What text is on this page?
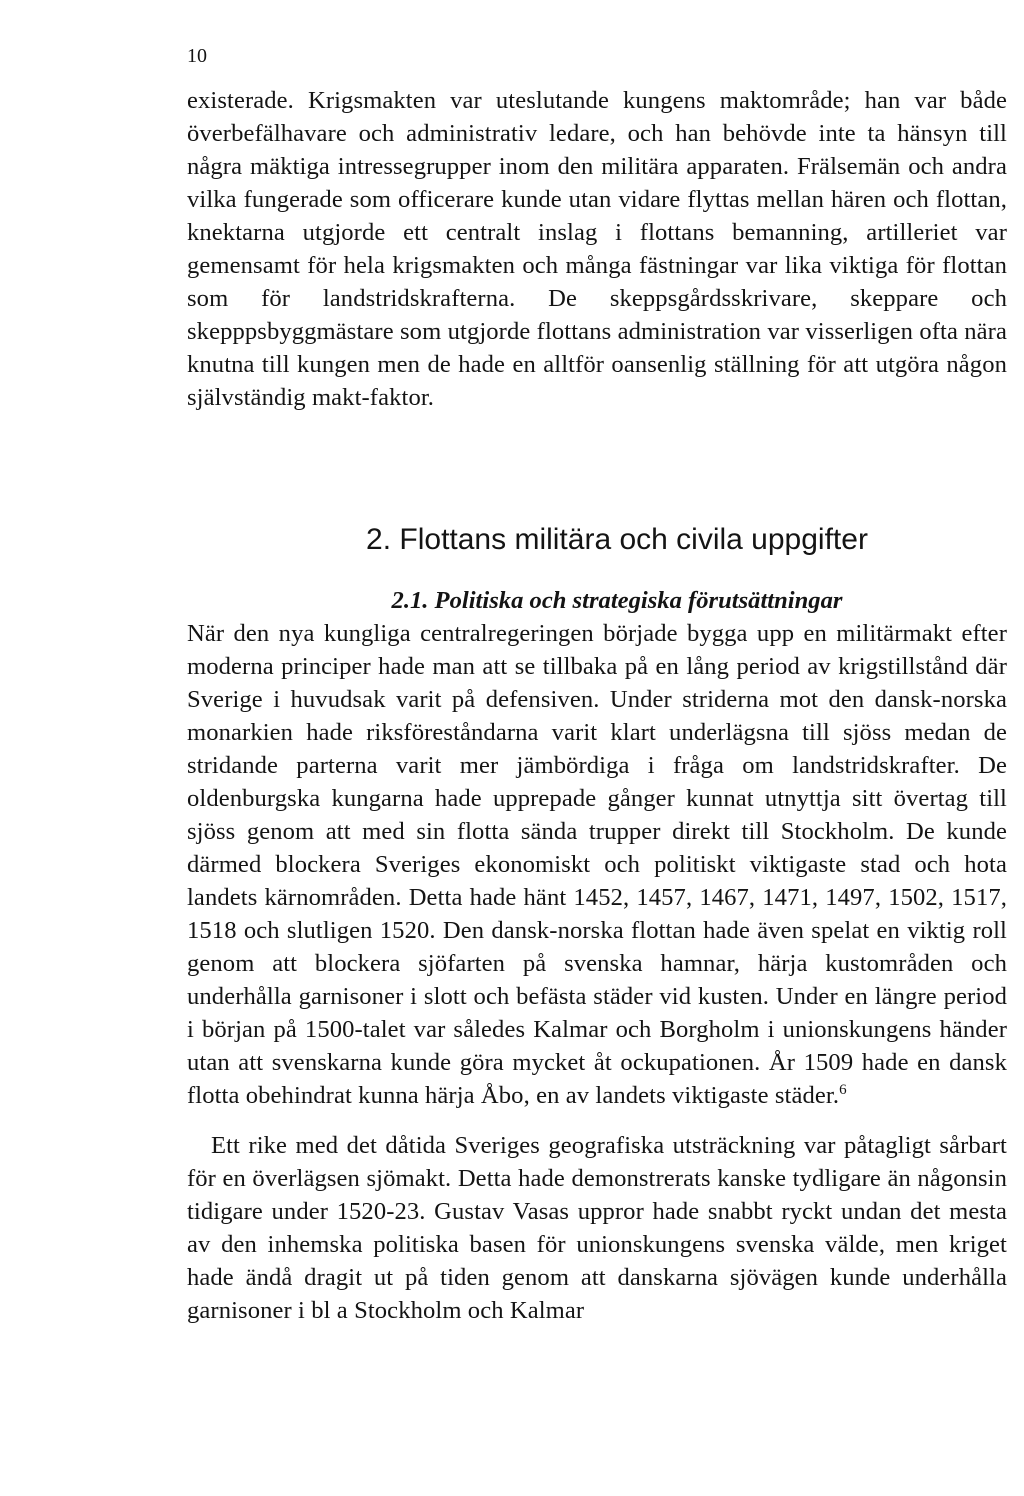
10

existerade. Krigsmakten var uteslutande kungens maktområde; han var både överbefälhavare och administrativ ledare, och han behövde inte ta hänsyn till några mäktiga intressegrupper inom den militära apparaten. Frälsemän och andra vilka fungerade som officerare kunde utan vidare flyttas mellan hären och flottan, knektarna utgjorde ett centralt inslag i flottans bemanning, artilleriet var gemensamt för hela krigsmakten och många fästningar var lika viktiga för flottan som för landstridskrafterna. De skeppsgårdsskrivare, skeppare och skepppsbyggmästare som utgjorde flottans administration var visserligen ofta nära knutna till kungen men de hade en alltför oansenlig ställning för att utgöra någon självständig makt-faktor.

2. Flottans militära och civila uppgifter
2.1. Politiska och strategiska förutsättningar

När den nya kungliga centralregeringen började bygga upp en militärmakt efter moderna principer hade man att se tillbaka på en lång period av krigstillstånd där Sverige i huvudsak varit på defensiven. Under striderna mot den dansk-norska monarkien hade riksföreståndarna varit klart underlägsna till sjöss medan de stridande parterna varit mer jämbördiga i fråga om landstridskrafter. De oldenburgska kungarna hade upprepade gånger kunnat utnyttja sitt övertag till sjöss genom att med sin flotta sända trupper direkt till Stockholm. De kunde därmed blockera Sveriges ekonomiskt och politiskt viktigaste stad och hota landets kärnområden. Detta hade hänt 1452, 1457, 1467, 1471, 1497, 1502, 1517, 1518 och slutligen 1520. Den dansk-norska flottan hade även spelat en viktig roll genom att blockera sjöfarten på svenska hamnar, härja kustområden och underhålla garnisoner i slott och befästa städer vid kusten. Under en längre period i början på 1500-talet var således Kalmar och Borgholm i unionskungens händer utan att svenskarna kunde göra mycket åt ockupationen. År 1509 hade en dansk flotta obehindrat kunna härja Åbo, en av landets viktigaste städer.$^6$

Ett rike med det dåtida Sveriges geografiska utsträckning var påtagligt sårbart för en överlägsen sjömakt. Detta hade demonstrerats kanske tydligare än någonsin tidigare under 1520-23. Gustav Vasas uppror hade snabbt ryckt undan det mesta av den inhemska politiska basen för unionskungens svenska välde, men kriget hade ändå dragit ut på tiden genom att danskarna sjövägen kunde underhålla garnisoner i bl a Stockholm och Kalmar
